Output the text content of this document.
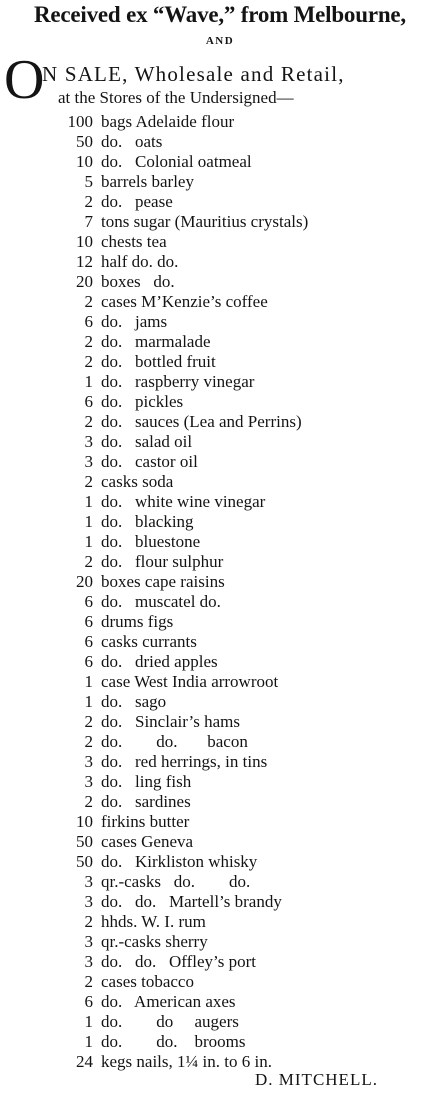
Received ex “Wave,” from Melbourne,
AND
O
N SALE, Wholesale and Retail,
at the Stores of the Undersigned—
100 bags Adelaide flour
50 do.   oats
10 do.   Colonial oatmeal
5 barrels barley
2 do.   pease
7 tons sugar (Mauritius crystals)
10 chests tea
12 half do. do.
20 boxes   do.
2 cases M’Kenzie’s coffee
6 do.   jams
2 do.   marmalade
2 do.   bottled fruit
1 do.   raspberry vinegar
6 do.   pickles
2 do.   sauces (Lea and Perrins)
3 do.   salad oil
3 do.   castor oil
2 casks soda
1 do.   white wine vinegar
1 do.   blacking
1 do.   bluestone
2 do.   flour sulphur
20 boxes cape raisins
6 do.   muscatel do.
6 drums figs
6 casks currants
6 do.   dried apples
1 case West India arrowroot
1 do.   sago
2 do.   Sinclair’s hams
2 do.        do.       bacon
3 do.   red herrings, in tins
3 do.   ling fish
2 do.   sardines
10 firkins butter
50 cases Geneva
50 do.   Kirkliston whisky
3 qr.-casks   do.        do.
3 do.   do.   Martell’s brandy
2 hhds. W. I. rum
3 qr.-casks sherry
3 do.   do.   Offley’s port
2 cases tobacco
6 do.   American axes
1 do.        do     augers
1 do.        do.    brooms
24 kegs nails, 1¼ in. to 6 in.
D. MITCHELL.
